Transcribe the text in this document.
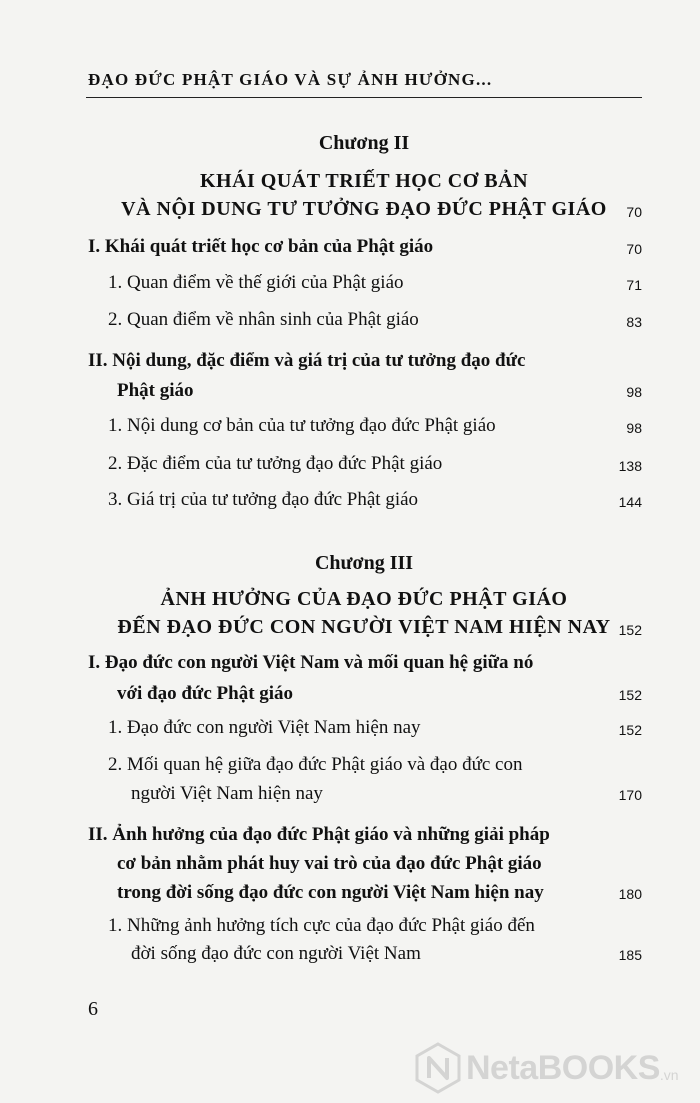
ĐẠO ĐỨC PHẬT GIÁO VÀ SỰ ẢNH HƯỞNG...
Chương II
KHÁI QUÁT TRIẾT HỌC CƠ BẢN
VÀ NỘI DUNG TƯ TƯỞNG ĐẠO ĐỨC PHẬT GIÁO	70
I. Khái quát triết học cơ bản của Phật giáo	70
1. Quan điểm về thế giới của Phật giáo	71
2. Quan điểm về nhân sinh của Phật giáo	83
II. Nội dung, đặc điểm và giá trị của tư tưởng đạo đức
Phật giáo	98
1. Nội dung cơ bản của tư tưởng đạo đức Phật giáo	98
2. Đặc điểm của tư tưởng đạo đức Phật giáo	138
3. Giá trị của tư tưởng đạo đức Phật giáo	144
Chương III
ẢNH HƯỞNG CỦA ĐẠO ĐỨC PHẬT GIÁO
ĐẾN ĐẠO ĐỨC CON NGƯỜI VIỆT NAM HIỆN NAY 152
I. Đạo đức con người Việt Nam và mối quan hệ giữa nó
với đạo đức Phật giáo	152
1. Đạo đức con người Việt Nam hiện nay	152
2. Mối quan hệ giữa đạo đức Phật giáo và đạo đức con
người Việt Nam hiện nay	170
II. Ảnh hưởng của đạo đức Phật giáo và những giải pháp
cơ bản nhằm phát huy vai trò của đạo đức Phật giáo
trong đời sống đạo đức con người Việt Nam hiện nay	180
1. Những ảnh hưởng tích cực của đạo đức Phật giáo đến
đời sống đạo đức con người Việt Nam	185
6
NetaBOOKS .vn
